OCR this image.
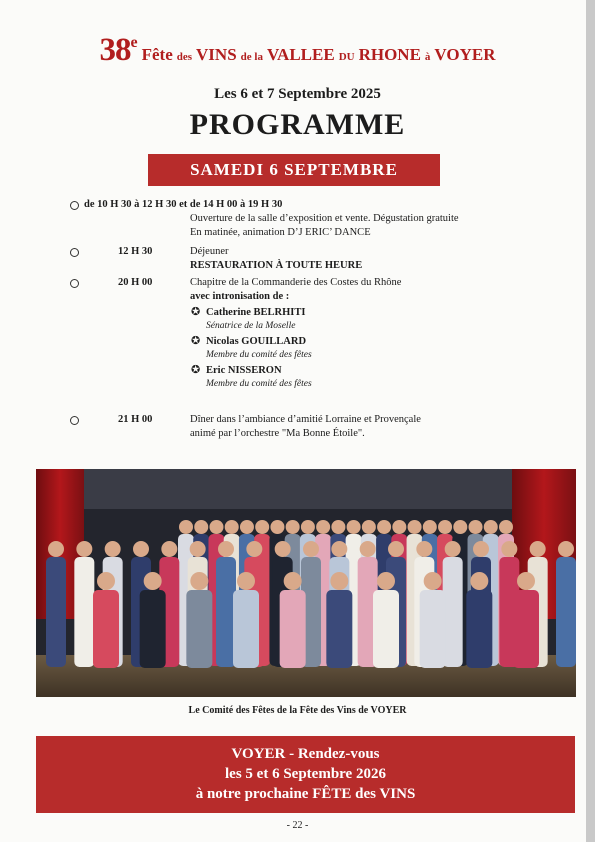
38e Fête des VINS de la VALLEE DU RHONE à VOYER
Les 6 et 7 Septembre 2025
PROGRAMME
SAMEDI 6 SEPTEMBRE
de 10 H 30 à 12 H 30 et de 14 H 00 à 19 H 30
Ouverture de la salle d’exposition et vente. Dégustation gratuite
En matinée, animation D’J ERIC’ DANCE
12 H 30	Déjeuner
RESTAURATION À TOUTE HEURE
20 H 00	Chapitre de la Commanderie des Costes du Rhône
avec intronisation de :
✪ Catherine BELRHITI
Sénatrice de la Moselle
✪ Nicolas GOUILLARD
Membre du comité des fêtes
✪ Eric NISSERON
Membre du comité des fêtes
21 H 00	Dîner dans l’ambiance d’amitié Lorraine et Provençale
animé par l’orchestre "Ma Bonne Étoile".
Le Comité des Fêtes de la Fête des Vins de VOYER
VOYER - Rendez-vous
les 5 et 6 Septembre 2026
à notre prochaine FÊTE des VINS
- 22 -
